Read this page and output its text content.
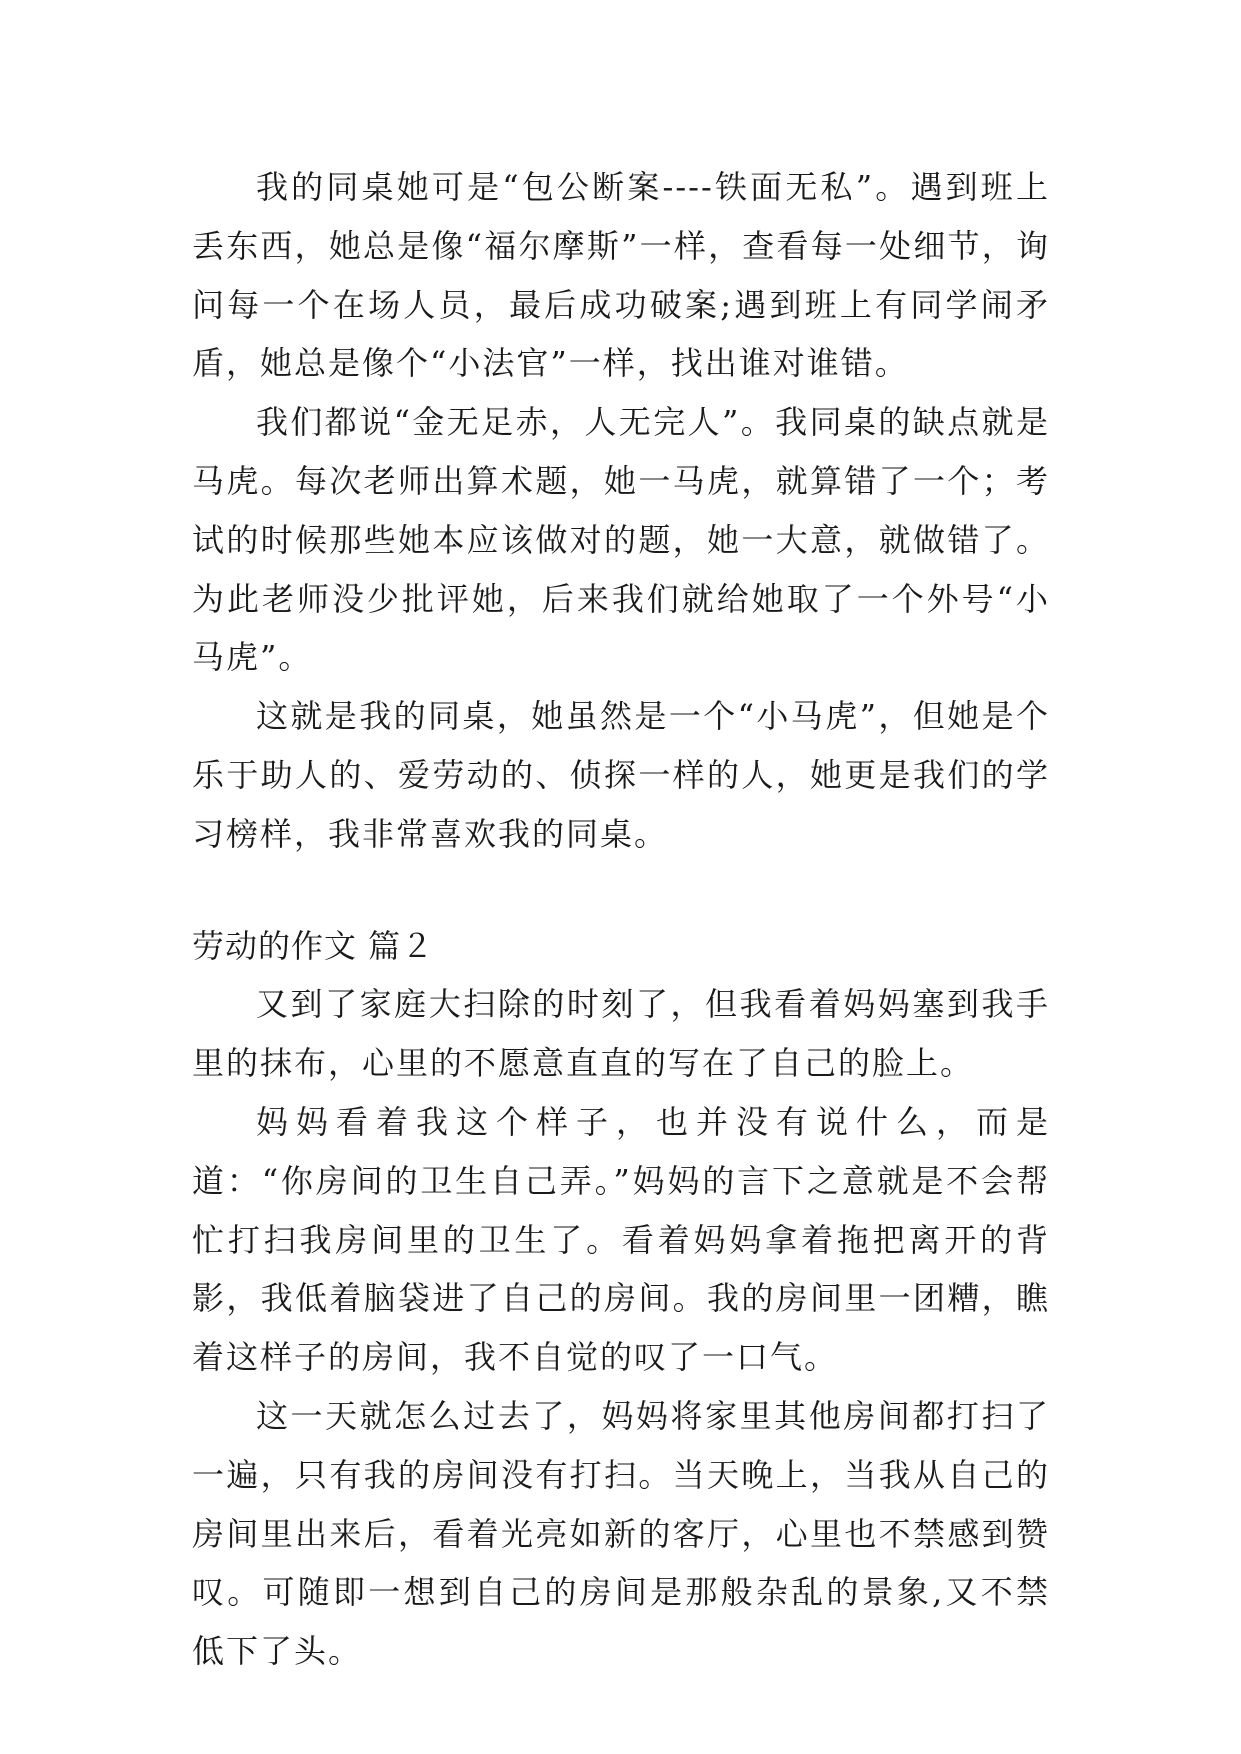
我的同桌她可是“包公断案----铁面无私”。遇到班上丢东西，她总是像“福尔摩斯”一样，查看每一处细节，询问每一个在场人员，最后成功破案;遇到班上有同学闹矛盾，她总是像个“小法官”一样，找出谁对谁错。

我们都说“金无足赤，人无完人”。我同桌的缺点就是马虎。每次老师出算术题，她一马虎，就算错了一个；考试的时候那些她本应该做对的题，她一大意，就做错了。为此老师没少批评她，后来我们就给她取了一个外号“小马虎”。

这就是我的同桌，她虽然是一个“小马虎”，但她是个乐于助人的、爱劳动的、侦探一样的人，她更是我们的学习榜样，我非常喜欢我的同桌。

劳动的作文 篇２

又到了家庭大扫除的时刻了，但我看着妈妈塞到我手里的抹布，心里的不愿意直直的写在了自己的脸上。

妈妈看着我这个样子，也并没有说什么，而是道：“你房间的卫生自己弄。”妈妈的言下之意就是不会帮忙打扫我房间里的卫生了。看着妈妈拿着拖把离开的背影，我低着脑袋进了自己的房间。我的房间里一团糟，瞧着这样子的房间，我不自觉的叹了一口气。

这一天就怎么过去了，妈妈将家里其他房间都打扫了一遍，只有我的房间没有打扫。当天晚上，当我从自己的房间里出来后，看着光亮如新的客厅，心里也不禁感到赞叹。可随即一想到自己的房间是那般杂乱的景象,又不禁低下了头。
